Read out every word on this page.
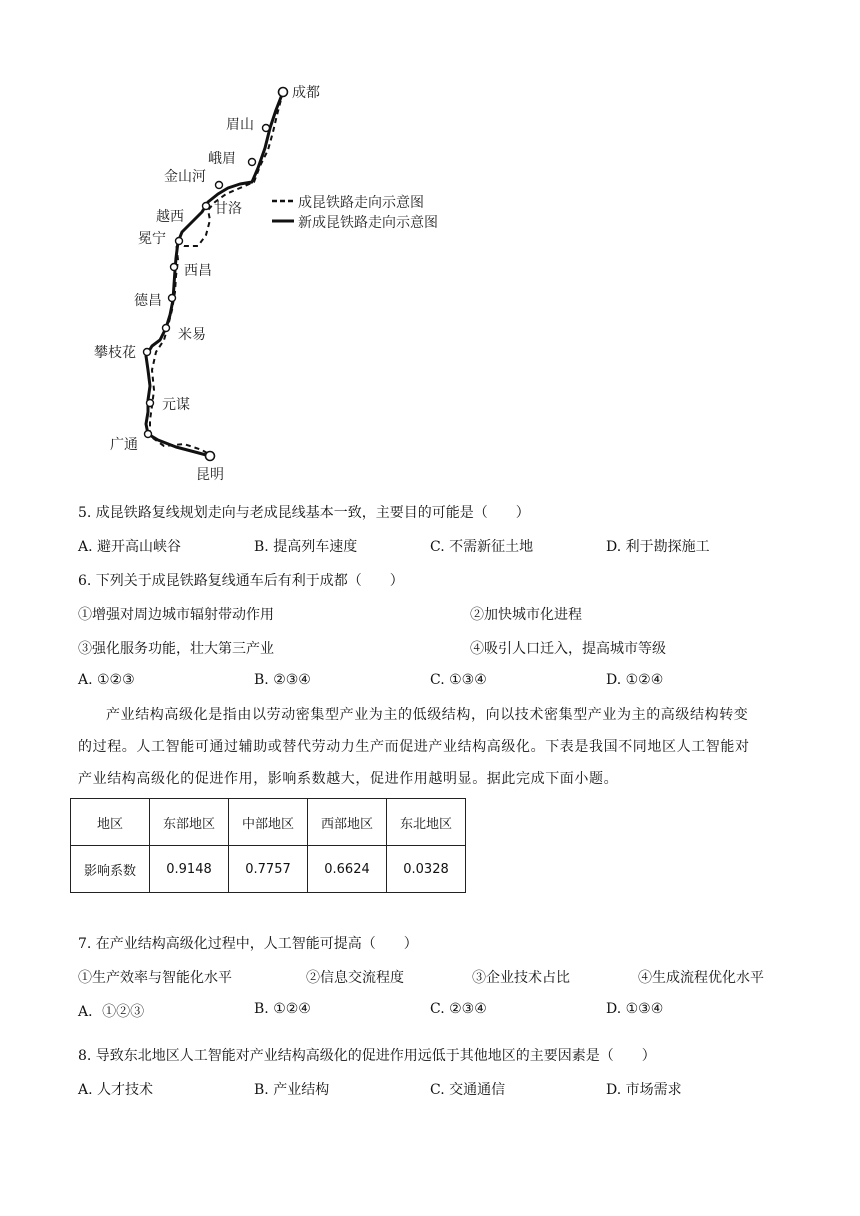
成都
眉山
峨眉
金山河
甘洛
越西
冕宁
西昌
德昌
米易
攀枝花
元谋
广通
昆明
成昆铁路走向示意图
新成昆铁路走向示意图
5. 成昆铁路复线规划走向与老成昆线基本一致，主要目的可能是（　　）
A. 避开高山峡谷	B. 提高列车速度	C. 不需新征土地	D. 利于勘探施工
6. 下列关于成昆铁路复线通车后有利于成都（　　）
①增强对周边城市辐射带动作用	②加快城市化进程
③强化服务功能，壮大第三产业	④吸引人口迁入，提高城市等级
A. ①②③	B. ②③④	C. ①③④	D. ①②④
产业结构高级化是指由以劳动密集型产业为主的低级结构，向以技术密集型产业为主的高级结构转变
的过程。人工智能可通过辅助或替代劳动力生产而促进产业结构高级化。下表是我国不同地区人工智能对
产业结构高级化的促进作用，影响系数越大，促进作用越明显。据此完成下面小题。
地区	东部地区	中部地区	西部地区	东北地区
影响系数	0.9148	0.7757	0.6624	0.0328
7. 在产业结构高级化过程中，人工智能可提高（　　）
①生产效率与智能化水平	②信息交流程度	③企业技术占比	④生成流程优化水平
A．①②③	B. ①②④	C. ②③④	D. ①③④
8. 导致东北地区人工智能对产业结构高级化的促进作用远低于其他地区的主要因素是（　　）
A. 人才技术	B. 产业结构	C. 交通通信	D. 市场需求
